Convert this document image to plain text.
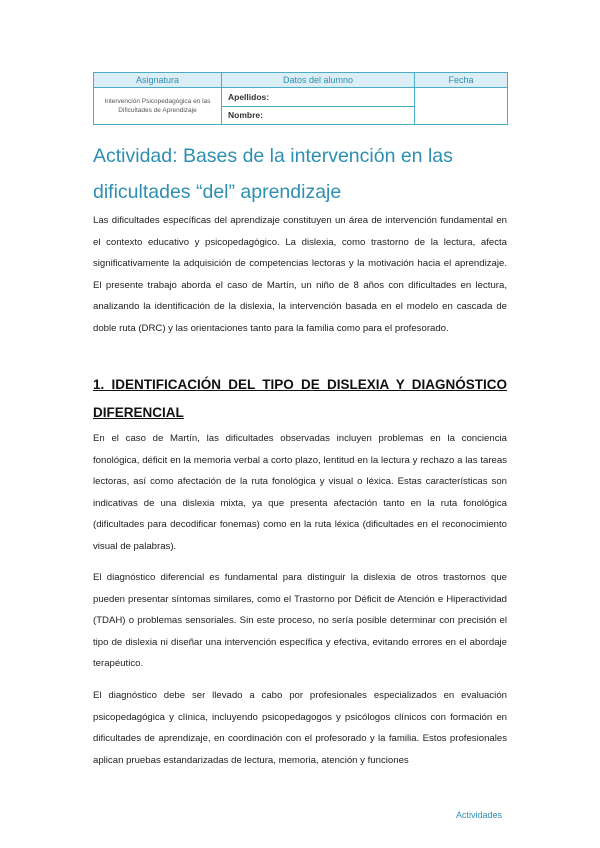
Asignatura	Datos del alumno	Fecha
Intervención Psicopedagógica en las Dificultades de Aprendizaje	Apellidos:	
	Nombre:	
Actividad: Bases de la intervención en las dificultades “del” aprendizaje

Las dificultades específicas del aprendizaje constituyen un área de intervención fundamental en el contexto educativo y psicopedagógico. La dislexia, como trastorno de la lectura, afecta significativamente la adquisición de competencias lectoras y la motivación hacia el aprendizaje. El presente trabajo aborda el caso de Martín, un niño de 8 años con dificultades en lectura, analizando la identificación de la dislexia, la intervención basada en el modelo en cascada de doble ruta (DRC) y las orientaciones tanto para la familia como para el profesorado.

1. IDENTIFICACIÓN DEL TIPO DE DISLEXIA Y DIAGNÓSTICO DIFERENCIAL

En el caso de Martín, las dificultades observadas incluyen problemas en la conciencia fonológica, déficit en la memoria verbal a corto plazo, lentitud en la lectura y rechazo a las tareas lectoras, así como afectación de la ruta fonológica y visual o léxica. Estas características son indicativas de una dislexia mixta, ya que presenta afectación tanto en la ruta fonológica (dificultades para decodificar fonemas) como en la ruta léxica (dificultades en el reconocimiento visual de palabras).

El diagnóstico diferencial es fundamental para distinguir la dislexia de otros trastornos que pueden presentar síntomas similares, como el Trastorno por Déficit de Atención e Hiperactividad (TDAH) o problemas sensoriales. Sin este proceso, no sería posible determinar con precisión el tipo de dislexia ni diseñar una intervención específica y efectiva, evitando errores en el abordaje terapéutico.

El diagnóstico debe ser llevado a cabo por profesionales especializados en evaluación psicopedagógica y clínica, incluyendo psicopedagogos y psicólogos clínicos con formación en dificultades de aprendizaje, en coordinación con el profesorado y la familia. Estos profesionales aplican pruebas estandarizadas de lectura, memoria, atención y funciones

Actividades
